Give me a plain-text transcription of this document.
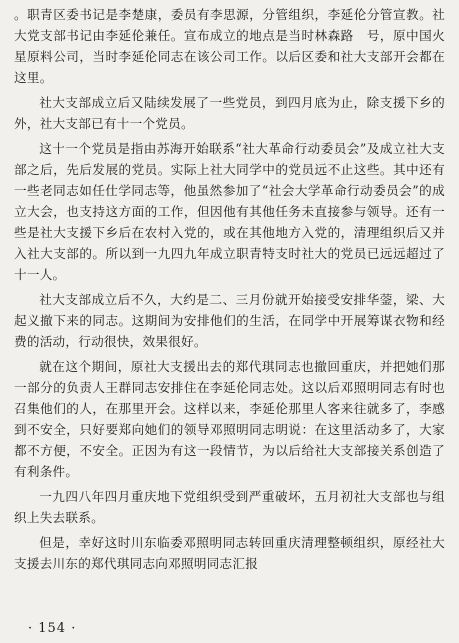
。职青区委书记是李楚康，委员有李思源，分管组织，李延伦分管宣教。社大党支部书记由李延伦兼任。宣布成立的地点是当时林森路　号，原中国火星原料公司，当时李延伦同志在该公司工作。以后区委和社大支部开会都在这里。

社大支部成立后又陆续发展了一些党员，到四月底为止，除支援下乡的外，社大支部已有十一个党员。

这十一个党员是指由苏海开始联系“社大革命行动委员会”及成立社大支部之后，先后发展的党员。实际上社大同学中的党员远不止这些。其中还有一些老同志如任仕学同志等，他虽然参加了“社会大学革命行动委员会”的成立大会，也支持这方面的工作，但因他有其他任务未直接参与领导。还有一些是社大支援下乡后在农村入党的，或在其他地方入党的，清理组织后又并入社大支部的。所以到一九四九年成立职青特支时社大的党员已远远超过了十一人。

社大支部成立后不久，大约是二、三月份就开始接受安排华蓥，梁、大起义撤下来的同志。这期间为安排他们的生活，在同学中开展筹谋衣物和经费的活动，行动很快，效果很好。

就在这个期间，原社大支援出去的郑代琪同志也撤回重庆，并把她们那一部分的负责人王群同志安排住在李延伦同志处。这以后邓照明同志有时也召集他们的人，在那里开会。这样以来，李延伦那里人客来往就多了，李感到不安全，只好要郑向她们的领导邓照明同志明说：在这里活动多了，大家都不方便，不安全。正因为有这一段情节，为以后给社大支部接关系创造了有利条件。

一九四八年四月重庆地下党组织受到严重破坏，五月初社大支部也与组织上失去联系。

但是，幸好这时川东临委邓照明同志转回重庆清理整顿组织，原经社大支援去川东的郑代琪同志向邓照明同志汇报

· 154 ·
